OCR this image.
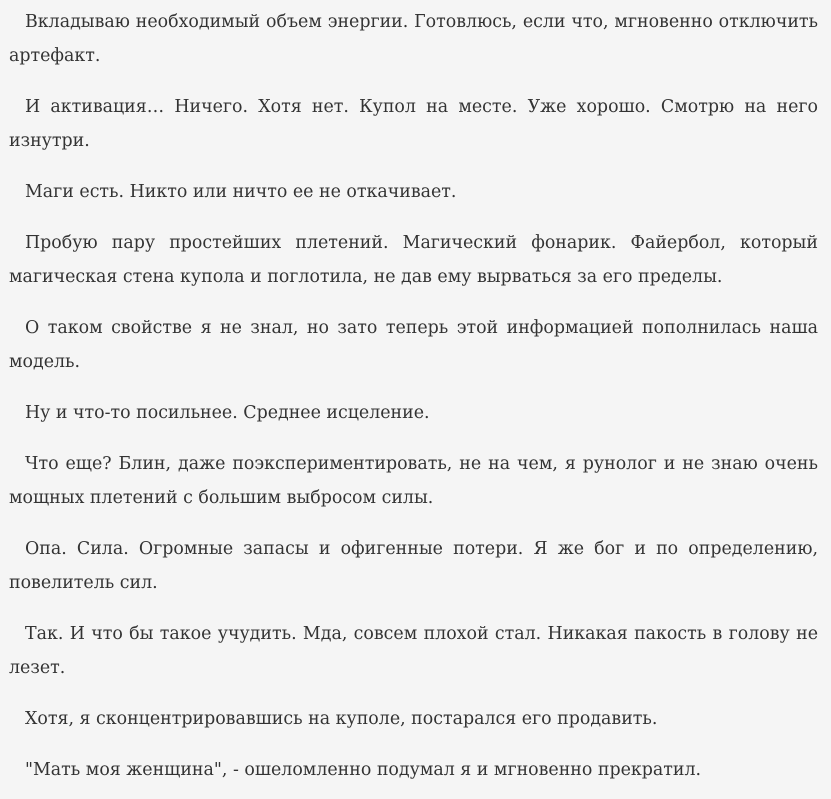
Вкладываю необходимый объем энергии. Готовлюсь, если что, мгновенно отключить артефакт.

И активация… Ничего. Хотя нет. Купол на месте. Уже хорошо. Смотрю на него изнутри.

Маги есть. Никто или ничто ее не откачивает.

Пробую пару простейших плетений. Магический фонарик. Файербол, который магическая стена купола и поглотила, не дав ему вырваться за его пределы.

О таком свойстве я не знал, но зато теперь этой информацией пополнилась наша модель.

Ну и что-то посильнее. Среднее исцеление.

Что еще? Блин, даже поэкспериментировать, не на чем, я рунолог и не знаю очень мощных плетений с большим выбросом силы.

Опа. Сила. Огромные запасы и офигенные потери. Я же бог и по определению, повелитель сил.

Так. И что бы такое учудить. Мда, совсем плохой стал. Никакая пакость в голову не лезет.

Хотя, я сконцентрировавшись на куполе, постарался его продавить.

"Мать моя женщина", - ошеломленно подумал я и мгновенно прекратил.
